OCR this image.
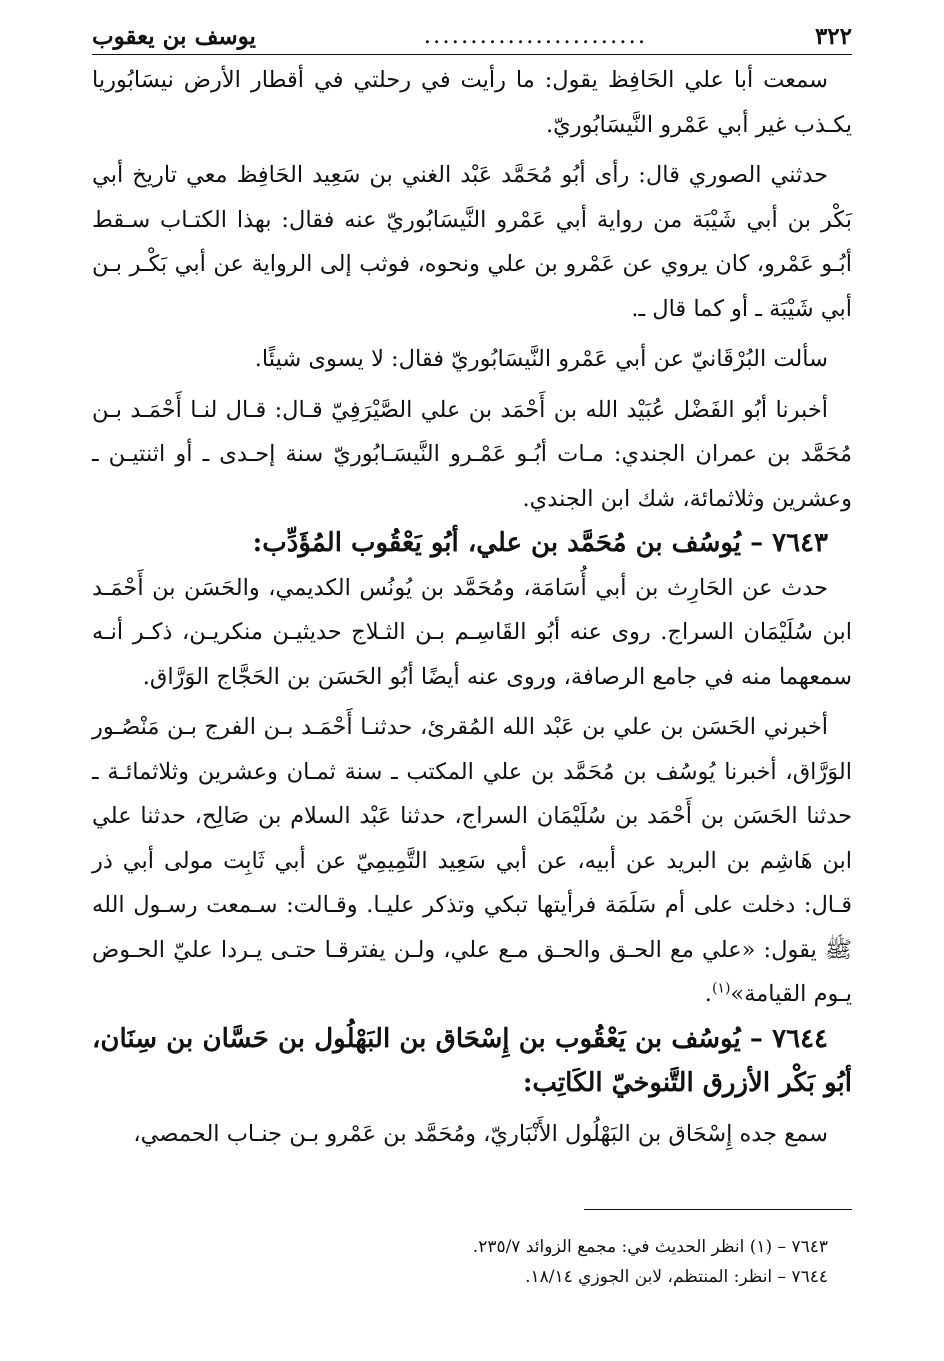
٣٢٢
........................
يوسف بن يعقوب

سمعت أبا علي الحَافِظ يقول: ما رأيت في رحلتي في أقطار الأرض نيسَابُوريا يكـذب غير أبي عَمْرو النَّيسَابُوريّ.

حدثني الصوري قال: رأى أبُو مُحَمَّد عَبْد الغني بن سَعِيد الحَافِظ معي تاريخ أبي بَكْر بن أبي شَيْبَة من رواية أبي عَمْرو النَّيسَابُوريّ عنه فقال: بهذا الكتـاب سـقط أبُـو عَمْرو، كان يروي عن عَمْرو بن علي ونحوه، فوثب إلى الرواية عن أبي بَكْـر بـن أبي شَيْبَة ـ أو كما قال ـ.

سألت البُرْقَانيّ عن أبي عَمْرو النَّيسَابُوريّ فقال: لا يسوى شيئًا.

أخبرنا أبُو الفَضْل عُبَيْد الله بن أَحْمَد بن علي الصَّيْرَفِيّ قـال: قـال لنـا أَحْمَـد بـن مُحَمَّد بن عمران الجندي: مـات أبُـو عَمْـرو النَّيسَـابُوريّ سنة إحـدى ـ أو اثنتيـن ـ وعشرين وثلاثمائة، شك ابن الجندي.

٧٦٤٣ – يُوسُف بن مُحَمَّد بن علي، أبُو يَعْقُوب المُؤَدِّب:

حدث عن الحَارِث بن أبي أُسَامَة، ومُحَمَّد بن يُونُس الكديمي، والحَسَن بن أَحْمَـد ابن سُلَيْمَان السراج. روى عنه أبُو القَاسِـم بـن الثـلاج حديثيـن منكريـن، ذكـر أنـه سمعهما منه في جامع الرصافة، وروى عنه أيضًا أبُو الحَسَن بن الحَجَّاج الوَرَّاق.

أخبرني الحَسَن بن علي بن عَبْد الله المُقرئ، حدثنـا أَحْمَـد بـن الفرج بـن مَنْصُـور الوَرَّاق، أخبرنا يُوسُف بن مُحَمَّد بن علي المكتب ـ سنة ثمـان وعشرين وثلاثمائـة ـ حدثنا الحَسَن بن أَحْمَد بن سُلَيْمَان السراج، حدثنا عَبْد السلام بن صَالِح، حدثنا علي ابن هَاشِم بن البريد عن أبيه، عن أبي سَعِيد التَّمِيمِيّ عن أبي ثَابِت مولى أبي ذر قـال: دخلت على أم سَلَمَة فرأيتها تبكي وتذكر عليـا. وقـالت: سـمعت رسـول الله ﷺ يقول: «علي مع الحـق والحـق مـع علي، ولـن يفترقـا حتـى يـردا عليّ الحـوض يـوم القيامة»$^{(١)}$.

٧٦٤٤ – يُوسُف بن يَعْقُوب بن إِسْحَاق بن البَهْلُول بن حَسَّان بن سِنَان، أبُو بَكْر الأزرق التَّنوخيّ الكَاتِب:

سمع جده إِسْحَاق بن البَهْلُول الأَنْبَاريّ، ومُحَمَّد بن عَمْرو بـن جنـاب الحمصي،

٧٦٤٣ – (١) انظر الحديث في: مجمع الزوائد ٢٣٥/٧.
٧٦٤٤ – انظر: المنتظم، لابن الجوزي ١٨/١٤.
